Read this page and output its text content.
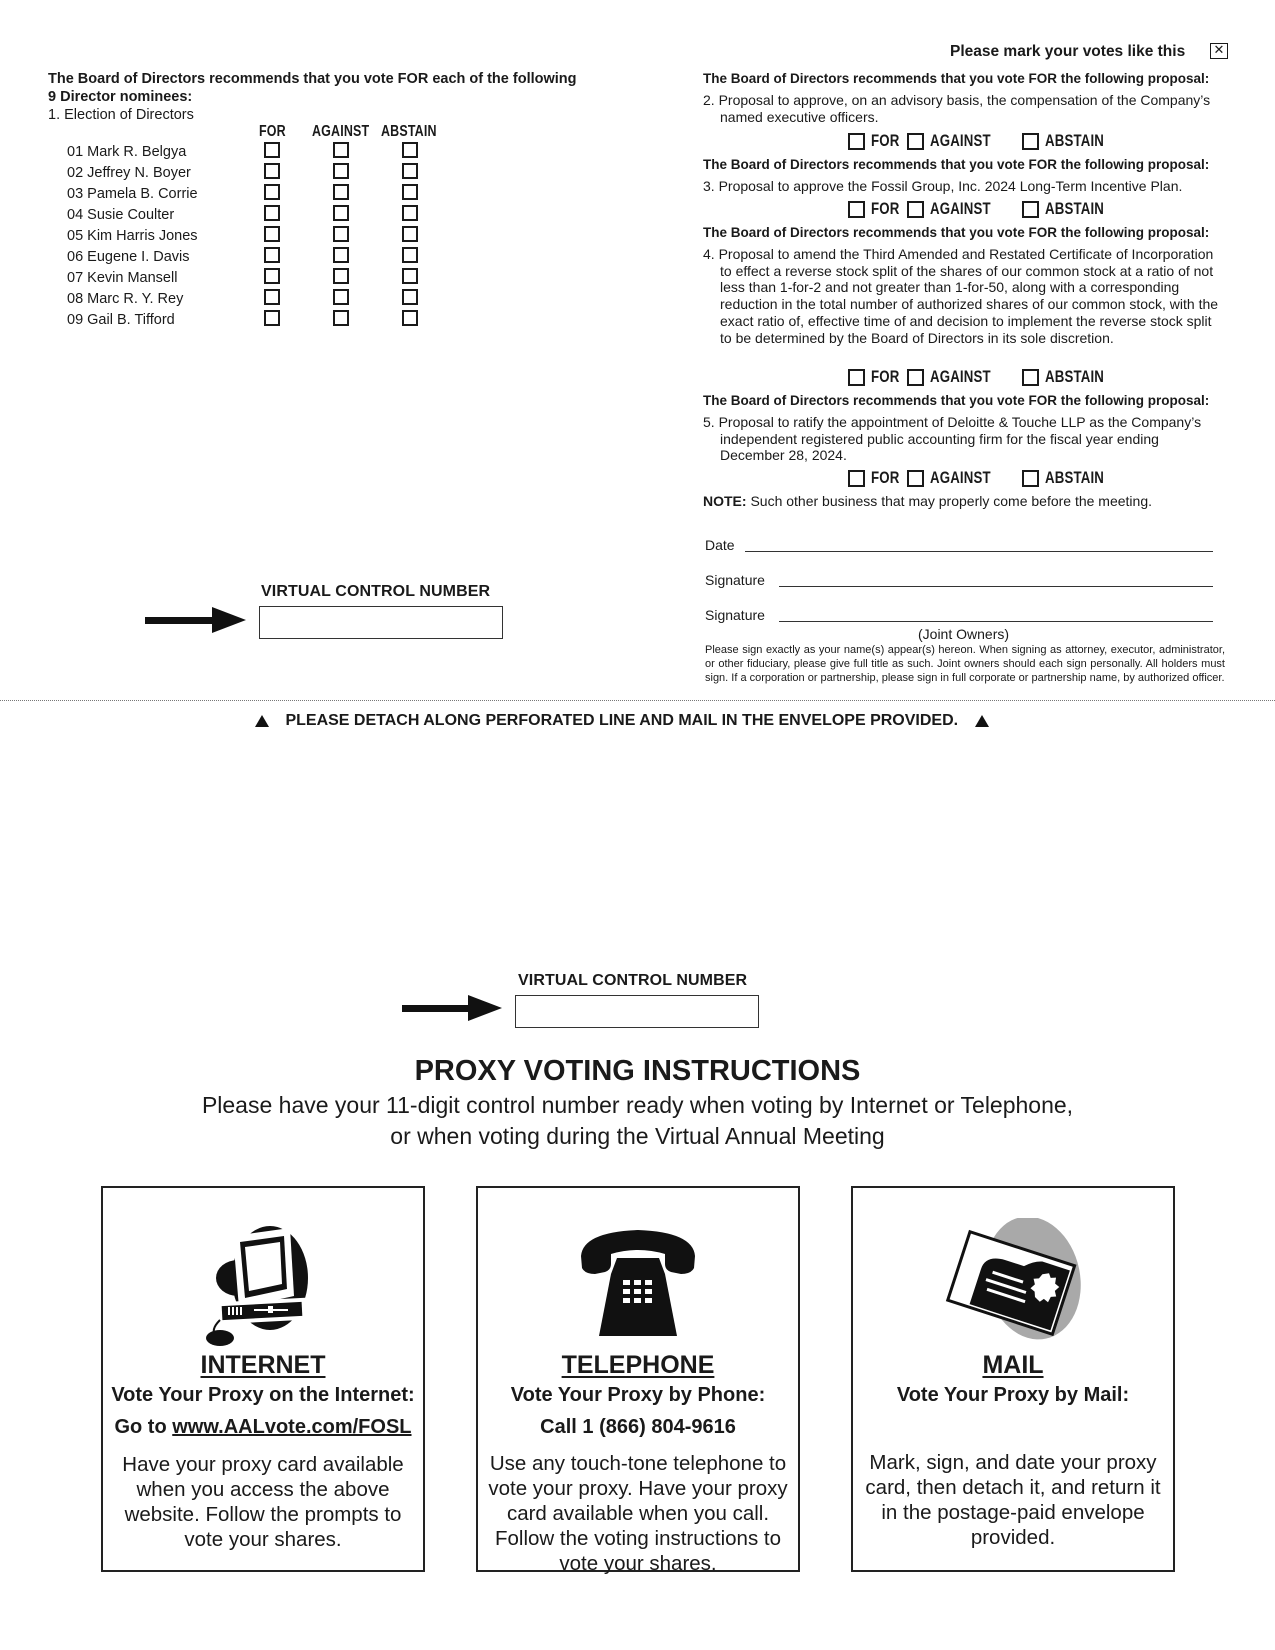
The Board of Directors recommends that you vote FOR each of the following
9 Director nominees:
1. Election of Directors
FOR	AGAINST ABSTAIN
01 Mark R. Belgya
02 Jeffrey N. Boyer
03 Pamela B. Corrie
04 Susie Coulter
05 Kim Harris Jones
06 Eugene I. Davis
07 Kevin Mansell
08 Marc R. Y. Rey
09 Gail B. Tifford
VIRTUAL CONTROL NUMBER
Please mark your votes like this ✕
The Board of Directors recommends that you vote FOR the following proposal:
2. Proposal to approve, on an advisory basis, the compensation of the Company’s named executive officers.
FOR AGAINST	ABSTAIN
The Board of Directors recommends that you vote FOR the following proposal:
3. Proposal to approve the Fossil Group, Inc. 2024 Long-Term Incentive Plan.
FOR AGAINST	ABSTAIN
The Board of Directors recommends that you vote FOR the following proposal:
4. Proposal to amend the Third Amended and Restated Certificate of Incorporation to effect a reverse stock split of the shares of our common stock at a ratio of not less than 1-for-2 and not greater than 1-for-50, along with a corresponding reduction in the total number of authorized shares of our common stock, with the exact ratio of, effective time of and decision to implement the reverse stock split to be determined by the Board of Directors in its sole discretion.
FOR AGAINST	ABSTAIN
The Board of Directors recommends that you vote FOR the following proposal:
5. Proposal to ratify the appointment of Deloitte & Touche LLP as the Company’s independent registered public accounting firm for the fiscal year ending December 28, 2024.
FOR AGAINST	ABSTAIN
NOTE: Such other business that may properly come before the meeting.
Date
Signature
Signature
(Joint Owners)
Please sign exactly as your name(s) appear(s) hereon. When signing as attorney, executor, administrator, or other fiduciary, please give full title as such. Joint owners should each sign personally. All holders must sign. If a corporation or partnership, please sign in full corporate or partnership name, by authorized officer.
PLEASE DETACH ALONG PERFORATED LINE AND MAIL IN THE ENVELOPE PROVIDED.
VIRTUAL CONTROL NUMBER
PROXY VOTING INSTRUCTIONS
Please have your 11-digit control number ready when voting by Internet or Telephone,
or when voting during the Virtual Annual Meeting
INTERNET
Vote Your Proxy on the Internet:
Go to www.AALvote.com/FOSL
Have your proxy card available when you access the above website. Follow the prompts to vote your shares.
TELEPHONE
Vote Your Proxy by Phone:
Call 1 (866) 804-9616
Use any touch-tone telephone to vote your proxy. Have your proxy card available when you call. Follow the voting instructions to vote your shares.
MAIL
Vote Your Proxy by Mail:
Mark, sign, and date your proxy card, then detach it, and return it in the postage-paid envelope provided.
